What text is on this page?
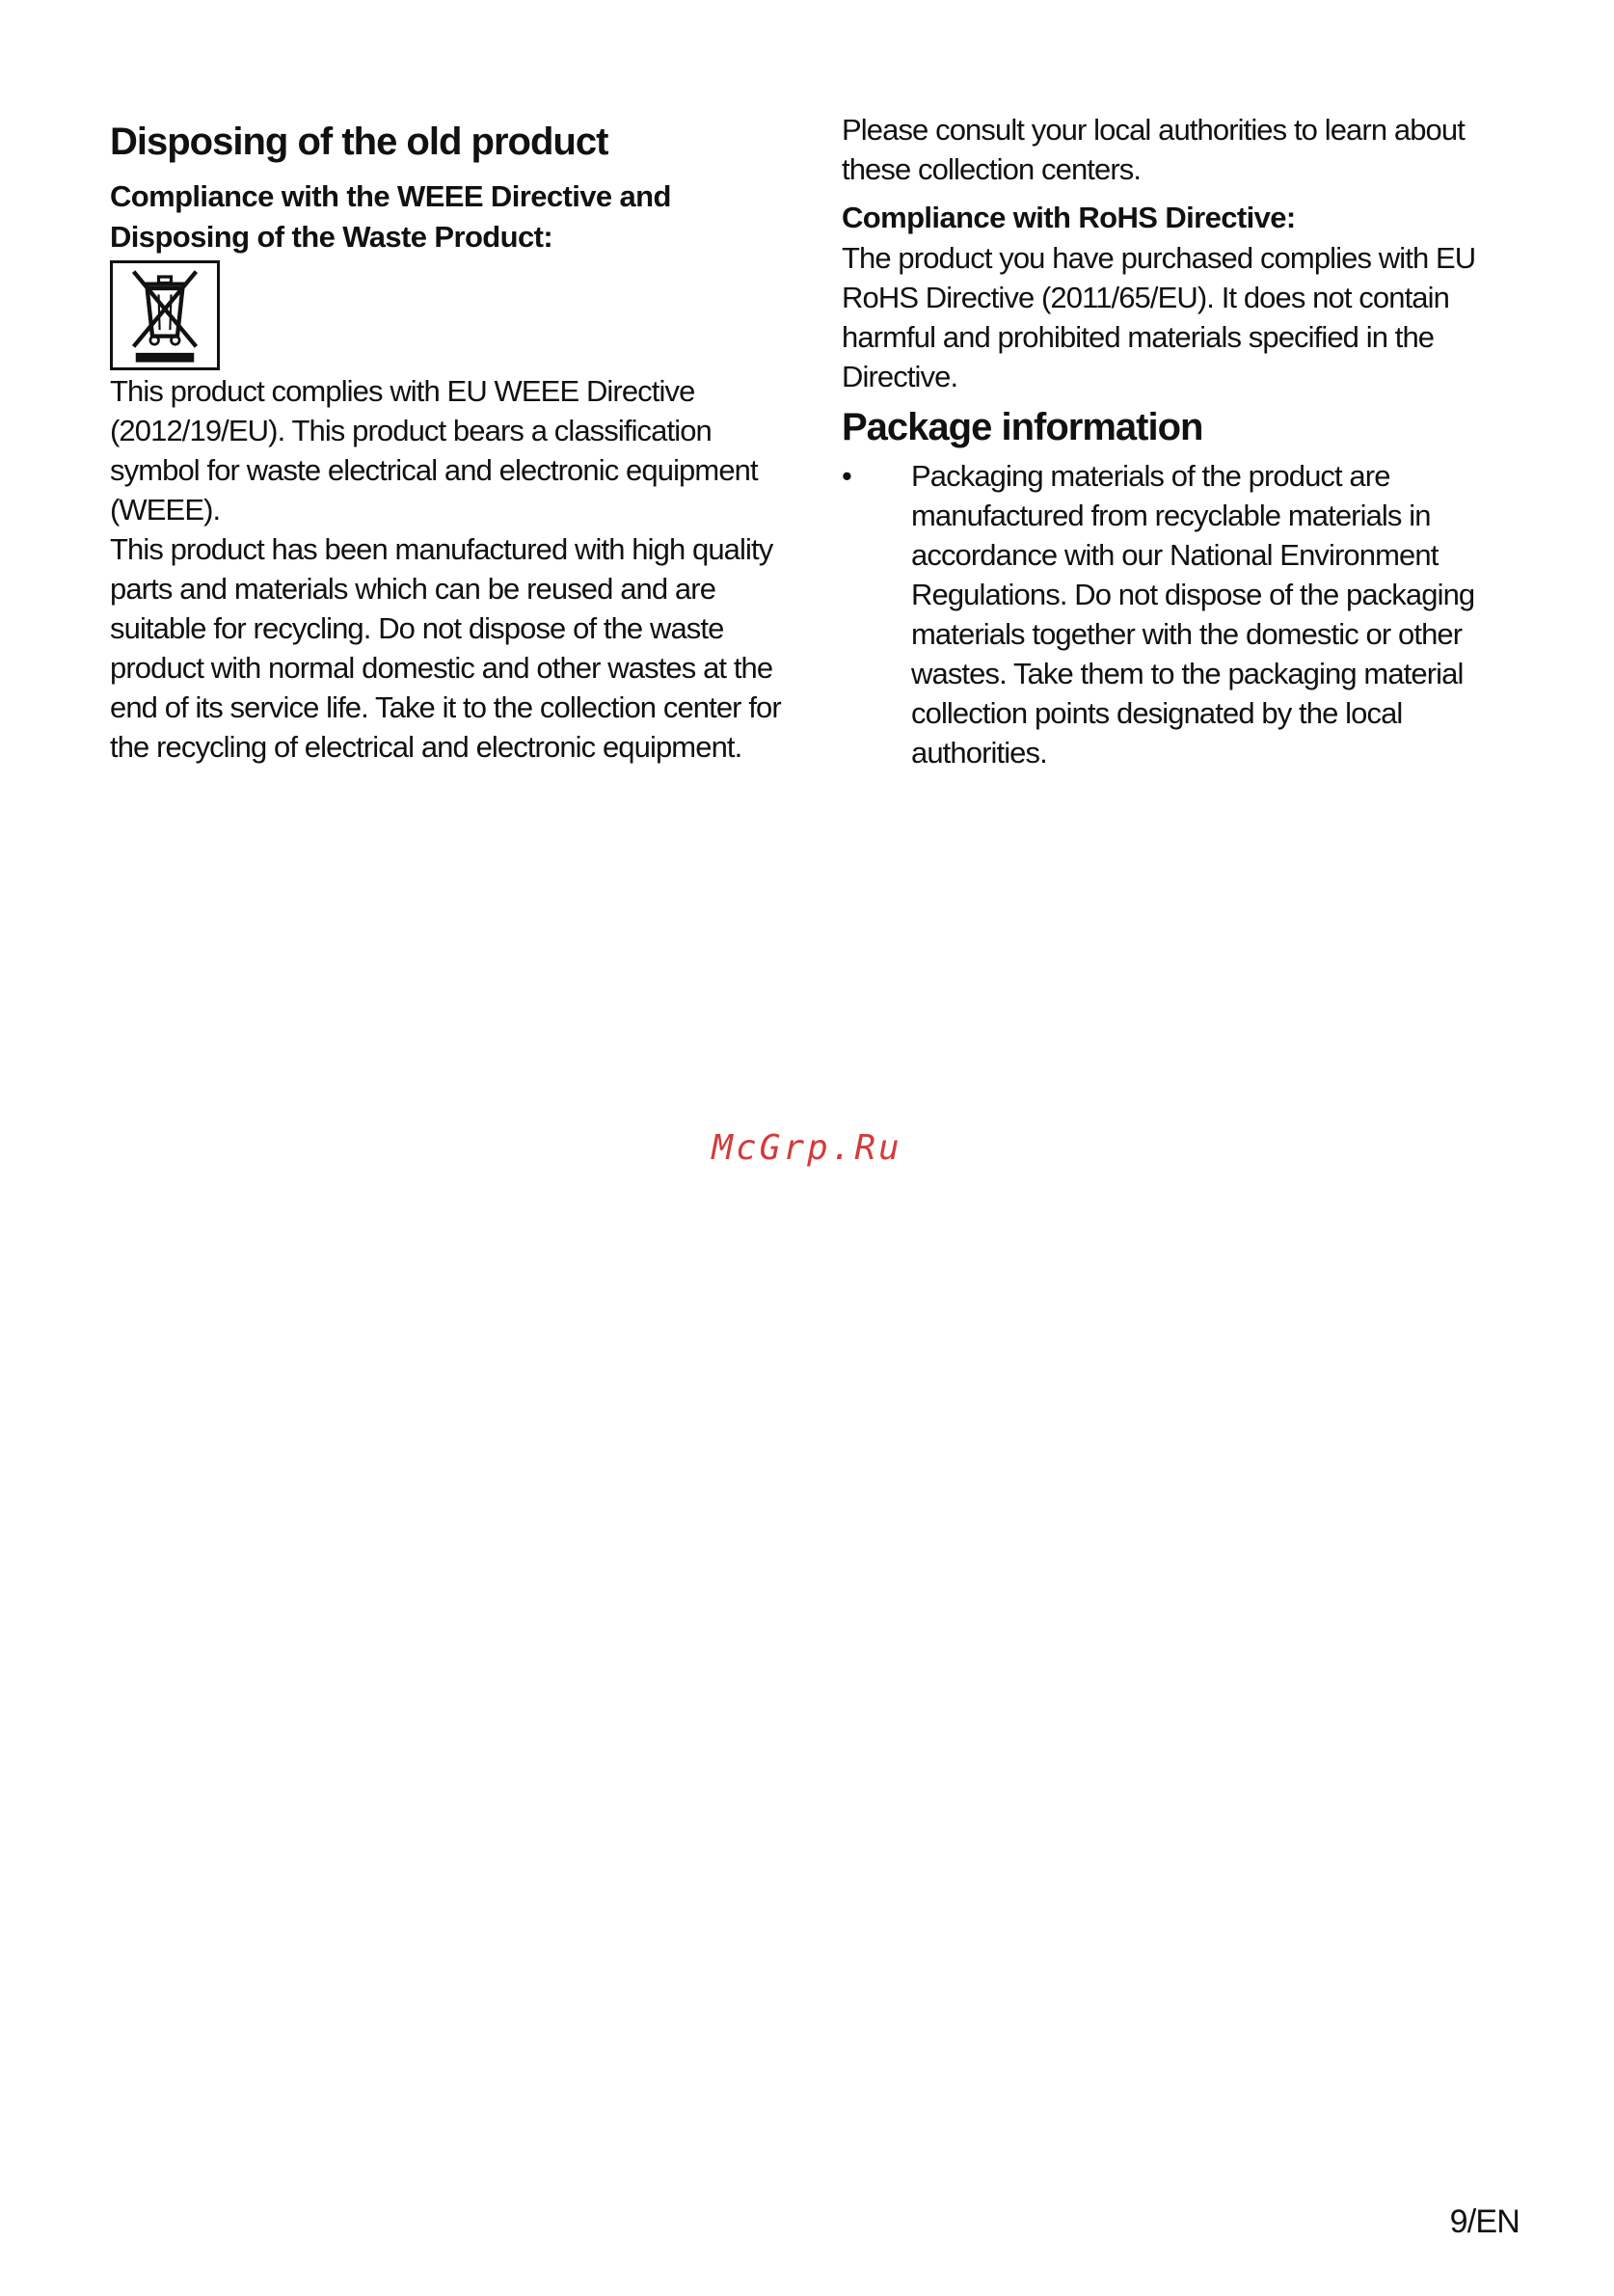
Disposing of the old product
Compliance with the WEEE Directive and Disposing of the Waste Product:

This product complies with EU WEEE Directive (2012/19/EU). This product bears a classification symbol for waste electrical and electronic equipment (WEEE).

This product has been manufactured with high quality parts and materials which can be reused and are suitable for recycling. Do not dispose of the waste product with normal domestic and other wastes at the end of its service life. Take it to the collection center for the recycling of electrical and electronic equipment.

Please consult your local authorities to learn about these collection centers.

Compliance with RoHS Directive:

The product you have purchased complies with EU RoHS Directive (2011/65/EU). It does not contain harmful and prohibited materials specified in the Directive.

Package information
• Packaging materials of the product are manufactured from recyclable materials in accordance with our National Environment Regulations. Do not dispose of the packaging materials together with the domestic or other wastes. Take them to the packaging material collection points designated by the local authorities.

McGrp.Ru
9/EN
